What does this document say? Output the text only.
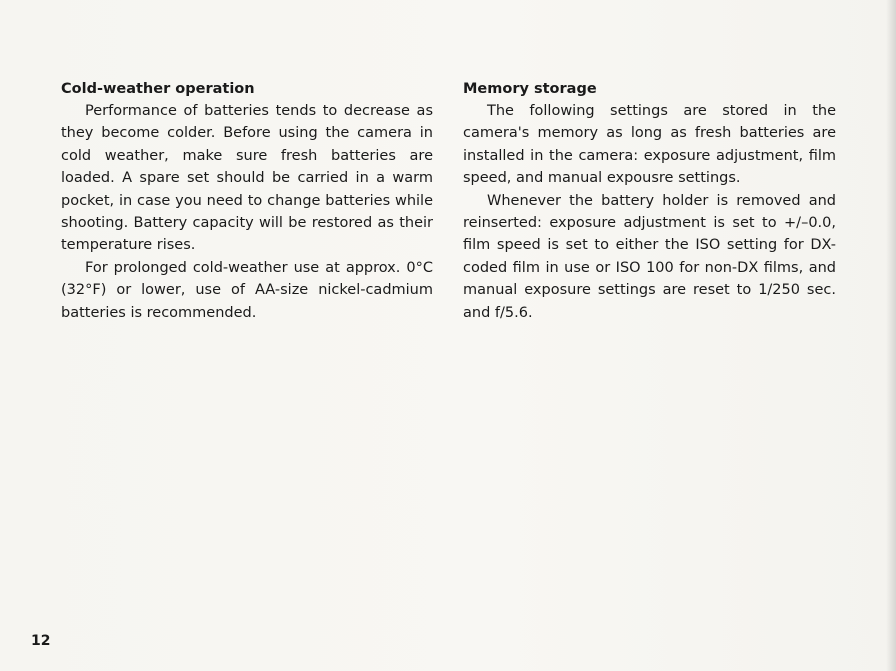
Cold-weather operation

Performance of batteries tends to decrease as they become colder. Before using the camera in cold weather, make sure fresh batteries are loaded. A spare set should be carried in a warm pocket, in case you need to change batteries while shooting. Battery capacity will be restored as their temperature rises.

For prolonged cold-weather use at approx. 0°C (32°F) or lower, use of AA-size nickel-cadmium batteries is recommended.

Memory storage

The following settings are stored in the camera's memory as long as fresh batteries are installed in the camera: exposure adjustment, film speed, and manual expousre settings.

Whenever the battery holder is removed and reinserted: exposure adjustment is set to +/–0.0, film speed is set to either the ISO setting for DX-coded film in use or ISO 100 for non-DX films, and manual exposure settings are reset to 1/250 sec. and f/5.6.

12
